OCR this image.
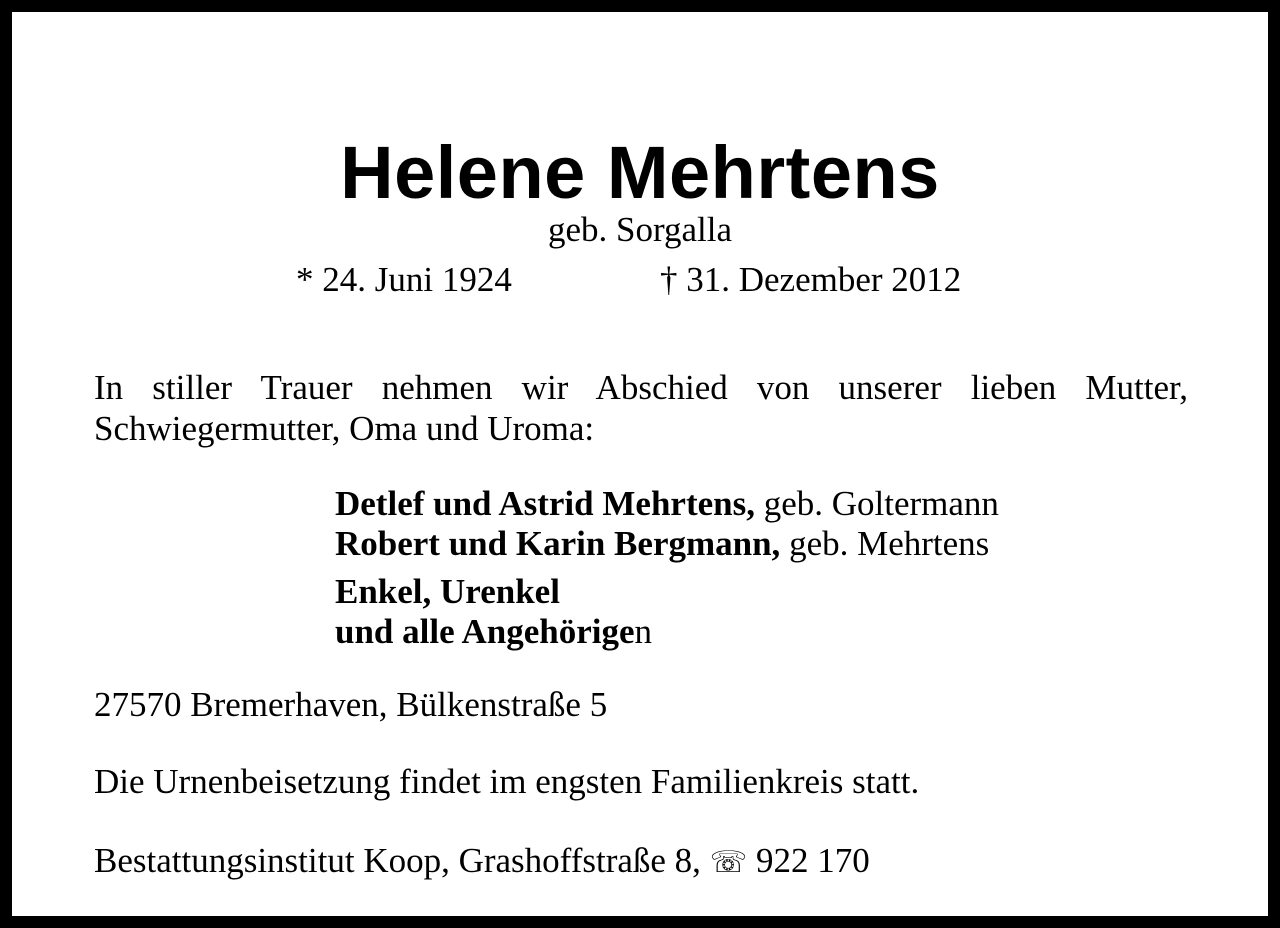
Helene Mehrtens
geb. Sorgalla
* 24. Juni 1924	† 31. Dezember 2012
In stiller Trauer nehmen wir Abschied von unserer lieben Mutter,
Schwiegermutter, Oma und Uroma:
Detlef und Astrid Mehrtens, geb. Goltermann
Robert und Karin Bergmann, geb. Mehrtens
Enkel, Urenkel
und alle Angehörigen
27570 Bremerhaven, Bülkenstraße 5
Die Urnenbeisetzung findet im engsten Familienkreis statt.
Bestattungsinstitut Koop, Grashoffstraße 8, ☏ 922 170
